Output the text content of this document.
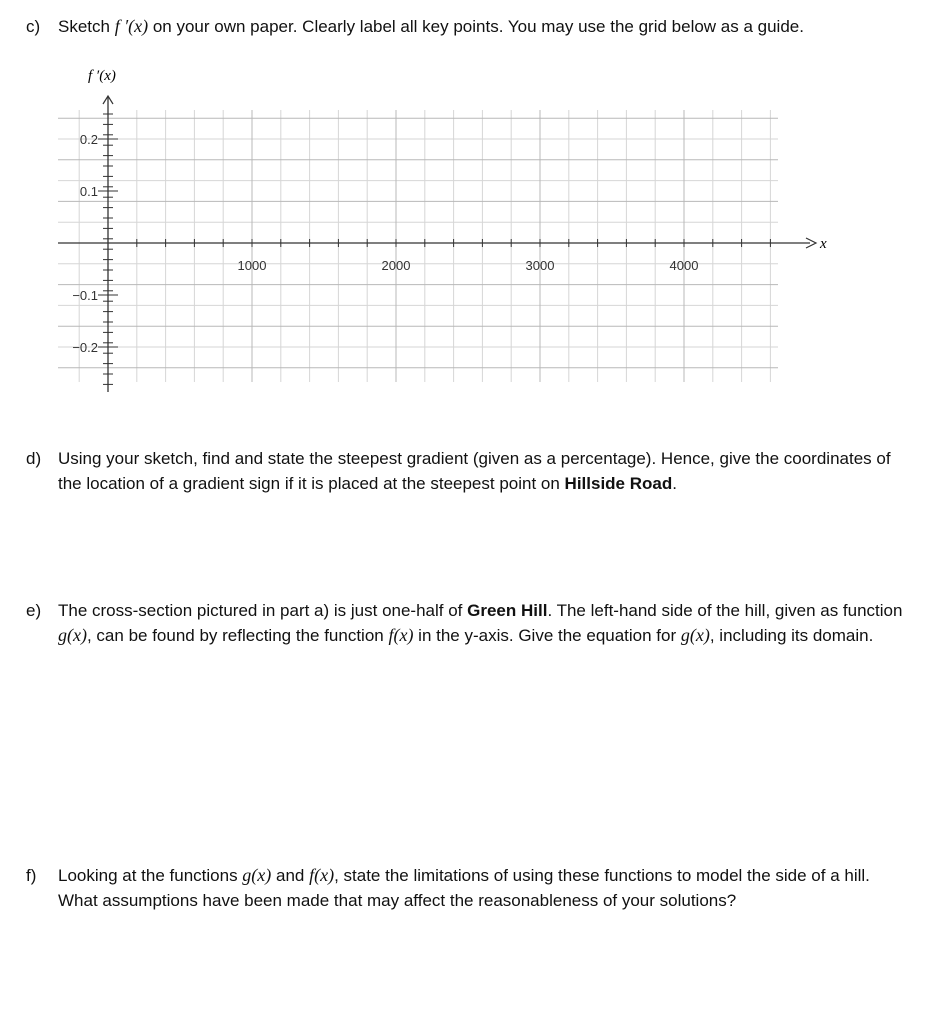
f ′(x)
x
0.2
0.1
−0.1
−0.2
1000	2000	3000	4000
c) Sketch f ′(x) on your own paper. Clearly label all key points. You may use the grid below as a guide.
d) Using your sketch, find and state the steepest gradient (given as a percentage). Hence, give the coordinates of the location of a gradient sign if it is placed at the steepest point on Hillside Road.
e) The cross-section pictured in part a) is just one-half of Green Hill. The left-hand side of the hill, given as function g(x), can be found by reflecting the function f(x) in the y-axis. Give the equation for g(x), including its domain.
f) Looking at the functions g(x) and f(x), state the limitations of using these functions to model the side of a hill. What assumptions have been made that may affect the reasonableness of your solutions?
